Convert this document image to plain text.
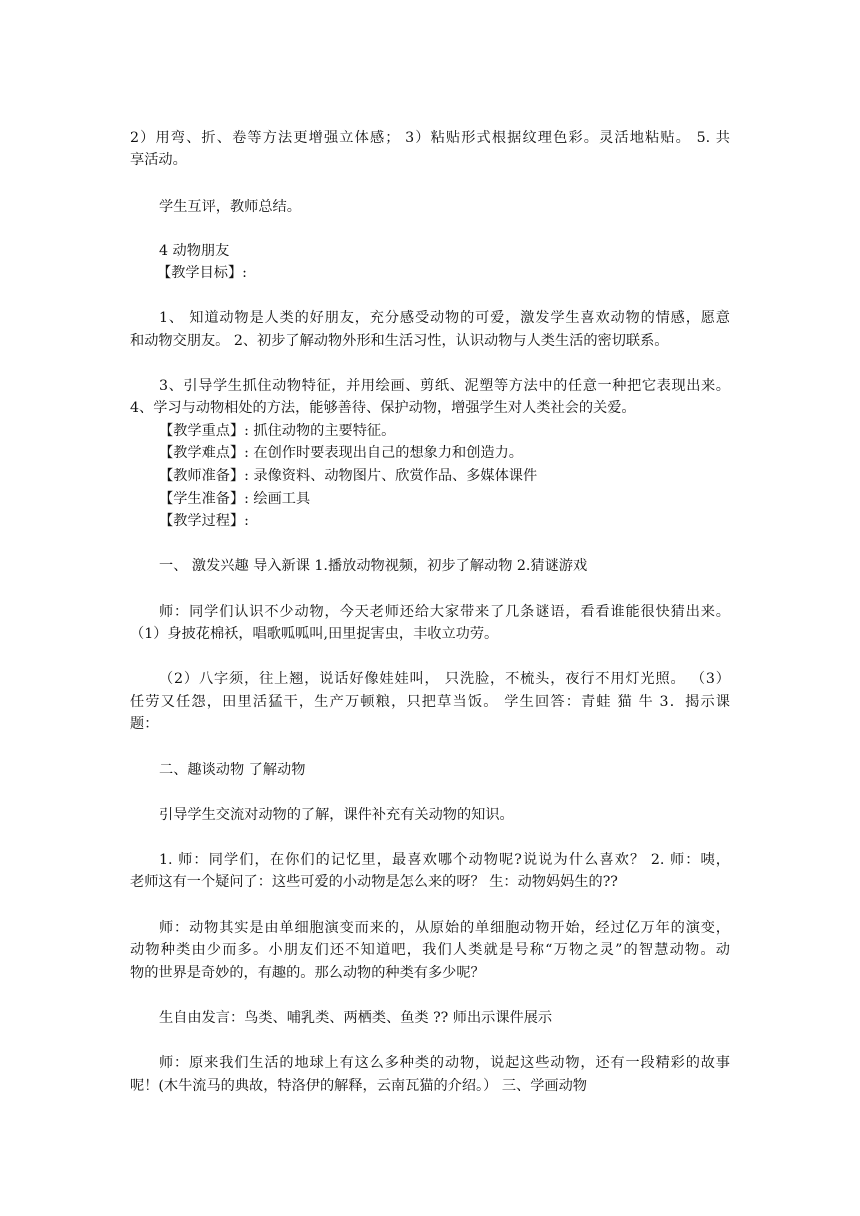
2）用弯、折、卷等方法更增强立体感； 3）粘贴形式根据纹理色彩。灵活地粘贴。 5. 共
享活动。
学生互评，教师总结。
4 动物朋友
【教学目标】:
1、 知道动物是人类的好朋友，充分感受动物的可爱，激发学生喜欢动物的情感，愿意
和动物交朋友。 2、初步了解动物外形和生活习性，认识动物与人类生活的密切联系。
3、引导学生抓住动物特征，并用绘画、剪纸、泥塑等方法中的任意一种把它表现出来。
4、学习与动物相处的方法，能够善待、保护动物，增强学生对人类社会的关爱。
【教学重点】: 抓住动物的主要特征。
【教学难点】: 在创作时要表现出自己的想象力和创造力。
【教师准备】: 录像资料、动物图片、欣赏作品、多媒体课件
【学生准备】: 绘画工具
【教学过程】:
一、 激发兴趣 导入新课 1.播放动物视频，初步了解动物 2.猜谜游戏
师：同学们认识不少动物，今天老师还给大家带来了几条谜语，看看谁能很快猜出来。
（1）身披花棉袄，唱歌呱呱叫,田里捉害虫，丰收立功劳。
（2）八字须，往上翘，说话好像娃娃叫， 只洗脸，不梳头，夜行不用灯光照。 （3）
任劳又任怨，田里活猛干，生产万顿粮，只把草当饭。 学生回答：青蛙 猫 牛 3．揭示课
题：
二、趣谈动物 了解动物
引导学生交流对动物的了解，课件补充有关动物的知识。
1. 师：同学们，在你们的记忆里，最喜欢哪个动物呢?说说为什么喜欢？ 2. 师：咦，
老师这有一个疑问了：这些可爱的小动物是怎么来的呀？ 生：动物妈妈生的??
师：动物其实是由单细胞演变而来的，从原始的单细胞动物开始，经过亿万年的演变，
动物种类由少而多。小朋友们还不知道吧，我们人类就是号称“万物之灵”的智慧动物。动
物的世界是奇妙的，有趣的。那么动物的种类有多少呢？
生自由发言：鸟类、哺乳类、两栖类、鱼类 ?? 师出示课件展示
师：原来我们生活的地球上有这么多种类的动物，说起这些动物，还有一段精彩的故事
呢！(木牛流马的典故，特洛伊的解释，云南瓦猫的介绍。） 三、学画动物
